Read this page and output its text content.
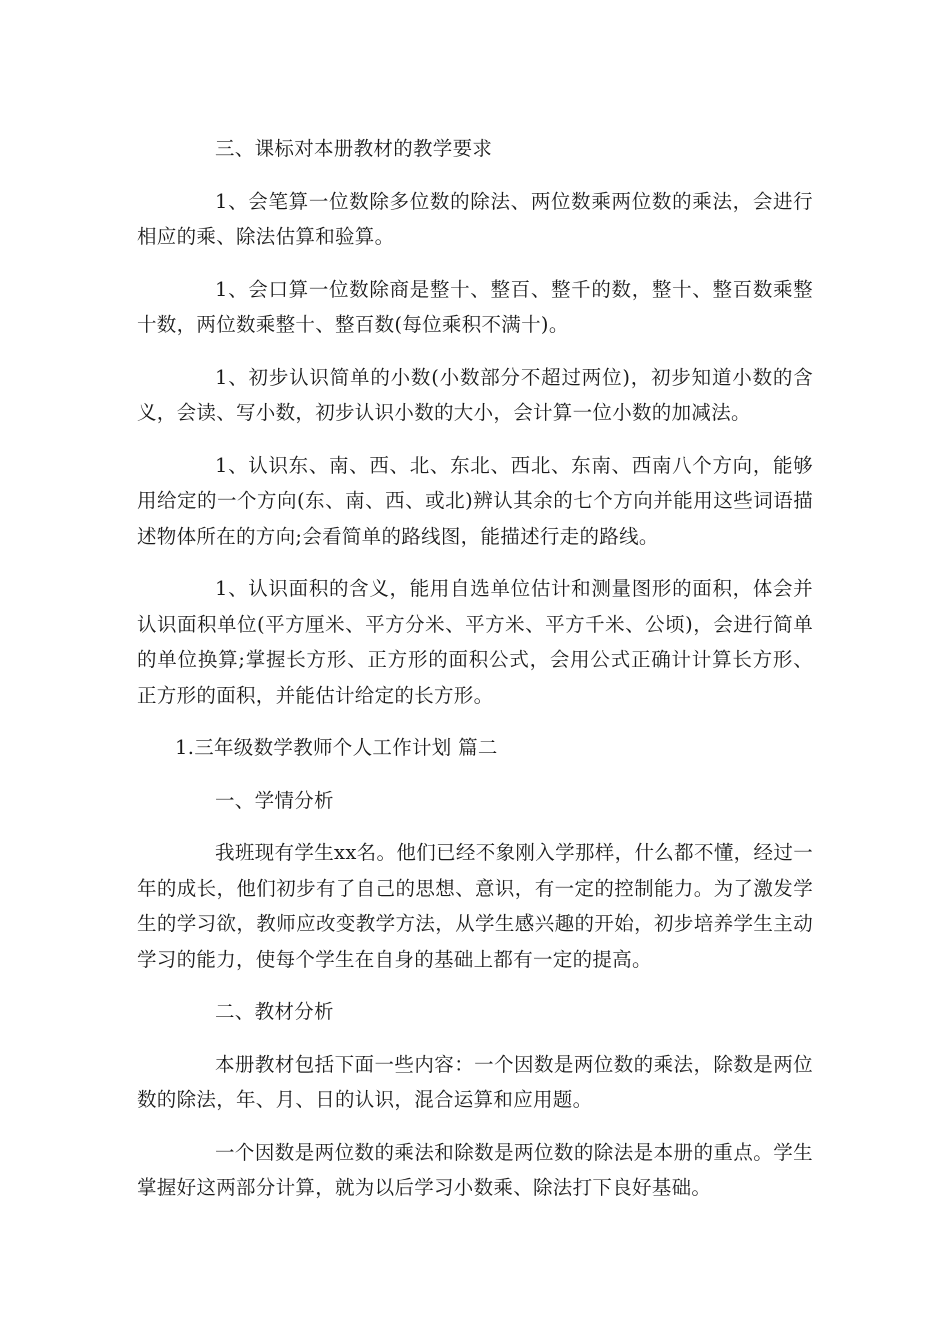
三、课标对本册教材的教学要求

1、会笔算一位数除多位数的除法、两位数乘两位数的乘法，会进行相应的乘、除法估算和验算。

1、会口算一位数除商是整十、整百、整千的数，整十、整百数乘整十数，两位数乘整十、整百数(每位乘积不满十)。

1、初步认识简单的小数(小数部分不超过两位)，初步知道小数的含义，会读、写小数，初步认识小数的大小，会计算一位小数的加减法。

1、认识东、南、西、北、东北、西北、东南、西南八个方向，能够用给定的一个方向(东、南、西、或北)辨认其余的七个方向并能用这些词语描述物体所在的方向;会看简单的路线图，能描述行走的路线。

1、认识面积的含义，能用自选单位估计和测量图形的面积，体会并认识面积单位(平方厘米、平方分米、平方米、平方千米、公顷)，会进行简单的单位换算;掌握长方形、正方形的面积公式，会用公式正确计计算长方形、正方形的面积，并能估计给定的长方形。

1.三年级数学教师个人工作计划 篇二

一、学情分析

我班现有学生xx名。他们已经不象刚入学那样，什么都不懂，经过一年的成长，他们初步有了自己的思想、意识，有一定的控制能力。为了激发学生的学习欲，教师应改变教学方法，从学生感兴趣的开始，初步培养学生主动学习的能力，使每个学生在自身的基础上都有一定的提高。

二、教材分析

本册教材包括下面一些内容：一个因数是两位数的乘法，除数是两位数的除法，年、月、日的认识，混合运算和应用题。

一个因数是两位数的乘法和除数是两位数的除法是本册的重点。学生掌握好这两部分计算，就为以后学习小数乘、除法打下良好基础。
